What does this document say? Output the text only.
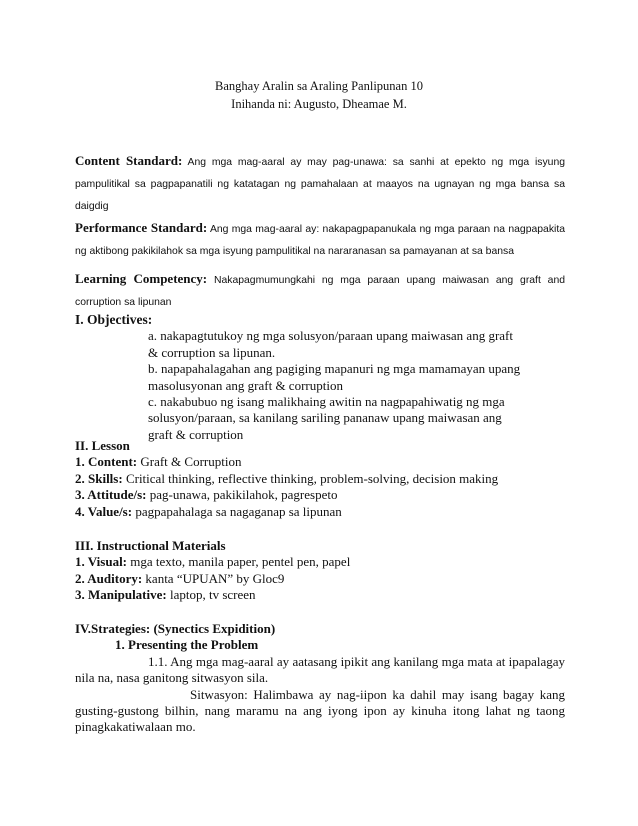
Banghay Aralin sa Araling Panlipunan 10
Inihanda ni: Augusto, Dheamae M.
Content Standard: Ang mga mag-aaral ay may pag-unawa: sa sanhi at epekto ng mga isyung pampulitikal sa pagpapanatili ng katatagan ng pamahalaan at maayos na ugnayan ng mga bansa sa daigdig
Performance Standard: Ang mga mag-aaral ay: nakapagpapanukala ng mga paraan na nagpapakita ng aktibong pakikilahok sa mga isyung pampulitikal na nararanasan sa pamayanan at sa bansa
Learning Competency: Nakapagmumungkahi ng mga paraan upang maiwasan ang graft and corruption sa lipunan
I. Objectives:
a. nakapagtutukoy ng mga solusyon/paraan upang maiwasan ang graft & corruption sa lipunan.
b. napapahalagahan ang pagiging mapanuri ng mga mamamayan upang masolusyonan ang graft & corruption
c. nakabubuo ng isang malikhaing awitin na nagpapahiwatig ng mga solusyon/paraan, sa kanilang sariling pananaw upang maiwasan ang graft & corruption
II. Lesson
1. Content: Graft & Corruption
2. Skills: Critical thinking, reflective thinking, problem-solving, decision making
3. Attitude/s: pag-unawa, pakikilahok, pagrespeto
4. Value/s: pagpapahalaga sa nagaganap sa lipunan
III. Instructional Materials
1. Visual: mga texto, manila paper, pentel pen, papel
2. Auditory: kanta “UPUAN” by Gloc9
3. Manipulative: laptop, tv screen
IV.Strategies: (Synectics Expidition)
1. Presenting the Problem

1.1. Ang mga mag-aaral ay aatasang ipikit ang kanilang mga mata at ipapalagay nila na, nasa ganitong sitwasyon sila.

Sitwasyon: Halimbawa ay nag-iipon ka dahil may isang bagay kang gusting-gustong bilhin, nang maramu na ang iyong ipon ay kinuha itong lahat ng taong pinagkakatiwalaan mo.
